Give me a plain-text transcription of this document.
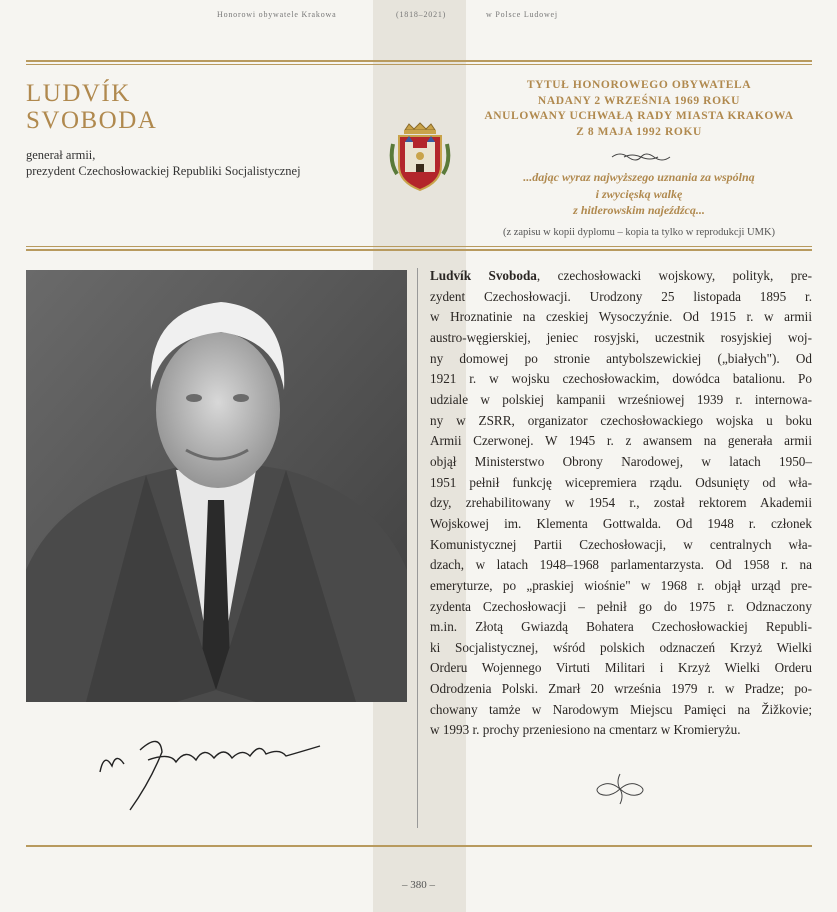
Honorowi obywatele Krakowa	(1818–2021)	w Polsce Ludowej
LUDVÍK
SVOBODA
generał armii,
prezydent Czechosłowackiej Republiki Socjalistycznej
TYTUŁ HONOROWEGO OBYWATELA
NADANY 2 WRZEŚNIA 1969 ROKU
ANULOWANY UCHWAŁĄ RADY MIASTA KRAKOWA
Z 8 MAJA 1992 ROKU
...dając wyraz najwyższego uznania za wspólną
i zwycięską walkę
z hitlerowskim najeźdźcą...
(z zapisu w kopii dyplomu – kopia ta tylko w reprodukcji UMK)
Ludvík Svoboda, czechosłowacki wojskowy, polityk, pre-
zydent Czechosłowacji. Urodzony 25 listopada 1895 r.
w Hroznatinie na czeskiej Wysoczyźnie. Od 1915 r. w armii
austro-węgierskiej, jeniec rosyjski, uczestnik rosyjskiej woj-
ny domowej po stronie antybolszewickiej („białych"). Od
1921 r. w wojsku czechosłowackim, dowódca batalionu. Po
udziale w polskiej kampanii wrześniowej 1939 r. internowa-
ny w ZSRR, organizator czechosłowackiego wojska u boku
Armii Czerwonej. W 1945 r. z awansem na generała armii
objął Ministerstwo Obrony Narodowej, w latach 1950–
1951 pełnił funkcję wicepremiera rządu. Odsunięty od wła-
dzy, zrehabilitowany w 1954 r., został rektorem Akademii
Wojskowej im. Klementa Gottwalda. Od 1948 r. członek
Komunistycznej Partii Czechosłowacji, w centralnych wła-
dzach, w latach 1948–1968 parlamentarzysta. Od 1958 r. na
emeryturze, po „praskiej wiośnie" w 1968 r. objął urząd pre-
zydenta Czechosłowacji – pełnił go do 1975 r. Odznaczony
m.in. Złotą Gwiazdą Bohatera Czechosłowackiej Republi-
ki Socjalistycznej, wśród polskich odznaczeń Krzyż Wielki
Orderu Wojennego Virtuti Militari i Krzyż Wielki Orderu
Odrodzenia Polski. Zmarł 20 września 1979 r. w Pradze; po-
chowany tamże w Narodowym Miejscu Pamięci na Žižkovie;
w 1993 r. prochy przeniesiono na cmentarz w Kromieryżu.
– 380 –
